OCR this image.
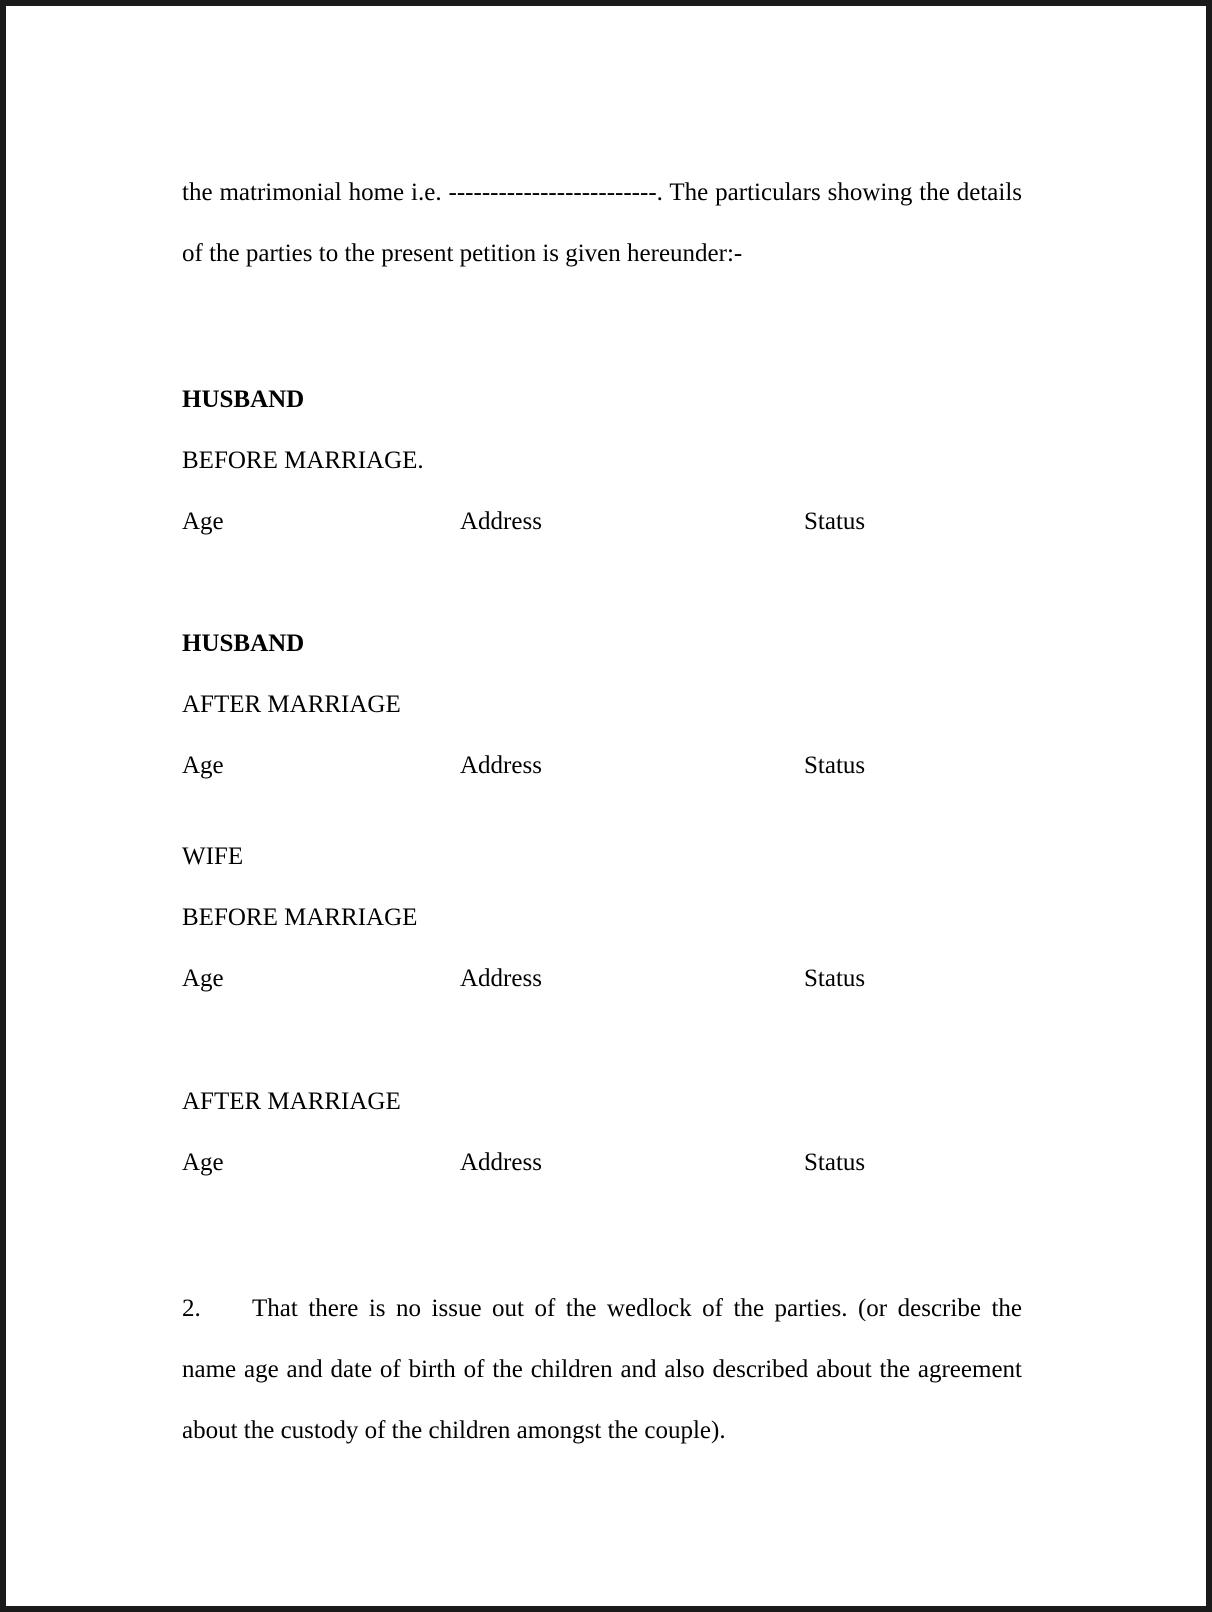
the matrimonial home i.e. -------------------------. The particulars showing the details of the parties to the present petition is given hereunder:-

HUSBAND

BEFORE MARRIAGE.

Age	Address	Status

HUSBAND

AFTER MARRIAGE

Age	Address	Status

WIFE

BEFORE MARRIAGE

Age	Address	Status

AFTER MARRIAGE

Age	Address	Status

2. That there is no issue out of the wedlock of the parties. (or describe the name age and date of birth of the children and also described about the agreement about the custody of the children amongst the couple).
